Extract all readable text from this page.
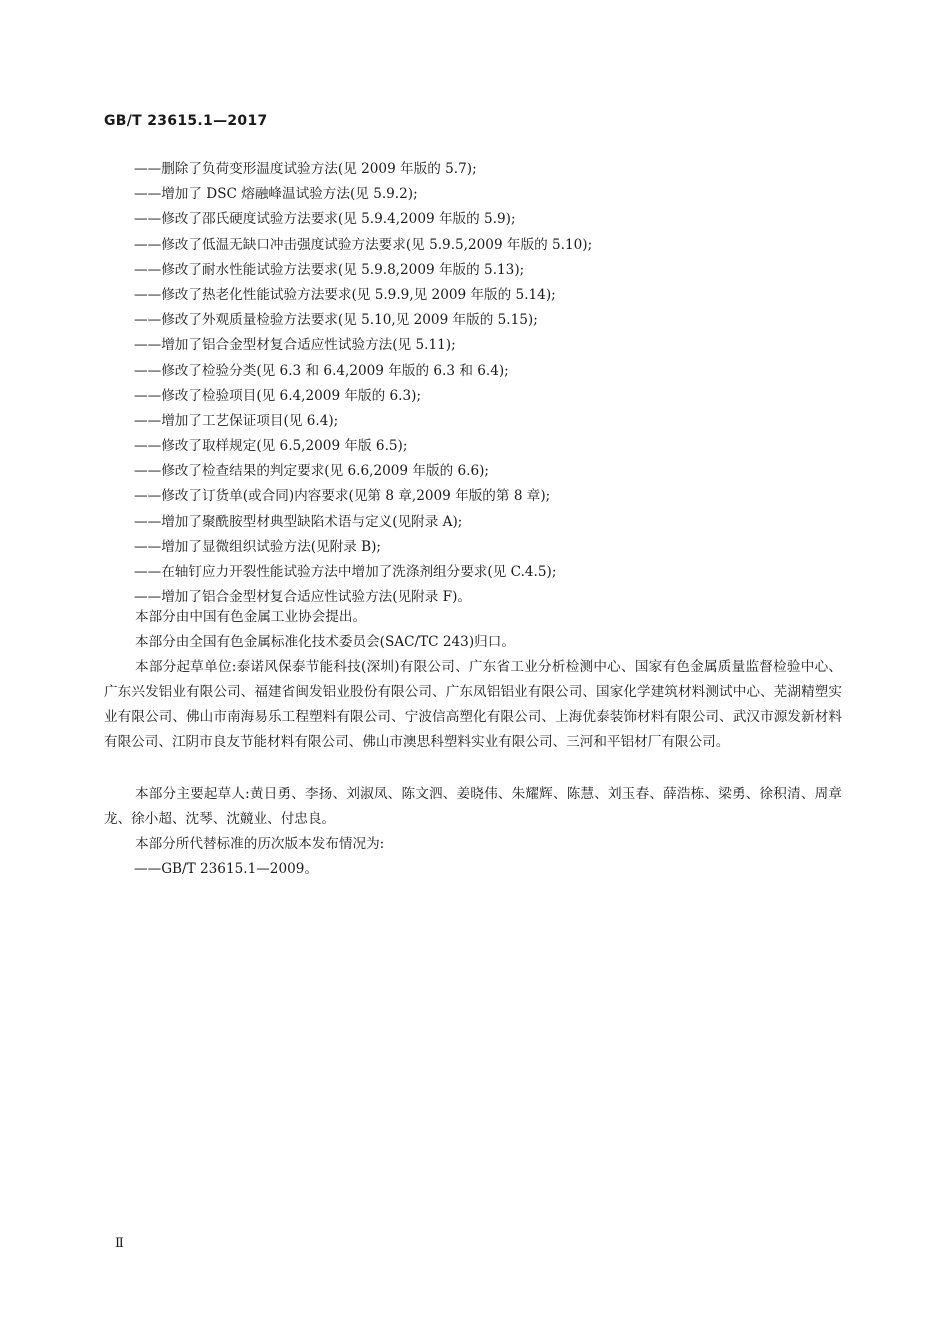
GB/T 23615.1—2017
——删除了负荷变形温度试验方法(见 2009 年版的 5.7);
——增加了 DSC 熔融峰温试验方法(见 5.9.2);
——修改了邵氏硬度试验方法要求(见 5.9.4,2009 年版的 5.9);
——修改了低温无缺口冲击强度试验方法要求(见 5.9.5,2009 年版的 5.10);
——修改了耐水性能试验方法要求(见 5.9.8,2009 年版的 5.13);
——修改了热老化性能试验方法要求(见 5.9.9,见 2009 年版的 5.14);
——修改了外观质量检验方法要求(见 5.10,见 2009 年版的 5.15);
——增加了铝合金型材复合适应性试验方法(见 5.11);
——修改了检验分类(见 6.3 和 6.4,2009 年版的 6.3 和 6.4);
——修改了检验项目(见 6.4,2009 年版的 6.3);
——增加了工艺保证项目(见 6.4);
——修改了取样规定(见 6.5,2009 年版 6.5);
——修改了检查结果的判定要求(见 6.6,2009 年版的 6.6);
——修改了订货单(或合同)内容要求(见第 8 章,2009 年版的第 8 章);
——增加了聚酰胺型材典型缺陷术语与定义(见附录 A);
——增加了显微组织试验方法(见附录 B);
——在轴钉应力开裂性能试验方法中增加了洗涤剂组分要求(见 C.4.5);
——增加了铝合金型材复合适应性试验方法(见附录 F)。

本部分由中国有色金属工业协会提出。

本部分由全国有色金属标准化技术委员会(SAC/TC 243)归口。

本部分起草单位:泰诺风保泰节能科技(深圳)有限公司、广东省工业分析检测中心、国家有色金属质量监督检验中心、广东兴发铝业有限公司、福建省闽发铝业股份有限公司、广东凤铝铝业有限公司、国家化学建筑材料测试中心、芜湖精塑实业有限公司、佛山市南海易乐工程塑料有限公司、宁波信高塑化有限公司、上海优泰装饰材料有限公司、武汉市源发新材料有限公司、江阴市良友节能材料有限公司、佛山市澳思科塑料实业有限公司、三河和平铝材厂有限公司。

本部分主要起草人:黄日勇、李扬、刘淑凤、陈文泗、姜晓伟、朱耀辉、陈慧、刘玉春、薛浩栋、梁勇、徐积清、周章龙、徐小超、沈琴、沈竸业、付忠良。

本部分所代替标准的历次版本发布情况为:

——GB/T 23615.1—2009。

Ⅱ
